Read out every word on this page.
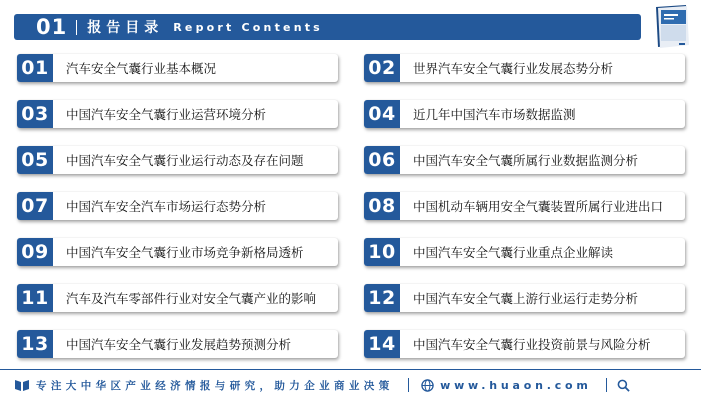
01 报告目录 Report Contents
01	汽车安全气囊行业基本概况	02	世界汽车安全气囊行业发展态势分析
03	中国汽车安全气囊行业运营环境分析	04	近几年中国汽车市场数据监测
05	中国汽车安全气囊行业运行动态及存在问题	06	中国汽车安全气囊所属行业数据监测分析
07	中国汽车安全汽车市场运行态势分析	08	中国机动车辆用安全气囊装置所属行业进出口
09	中国汽车安全气囊行业市场竞争新格局透析	10	中国汽车安全气囊行业重点企业解读
11	汽车及汽车零部件行业对安全气囊产业的影响	12	中国汽车安全气囊上游行业运行走势分析
13	中国汽车安全气囊行业发展趋势预测分析	14	中国汽车安全气囊行业投资前景与风险分析
专注大中华区产业经济情报与研究，助力企业商业决策	www.huaon.com
